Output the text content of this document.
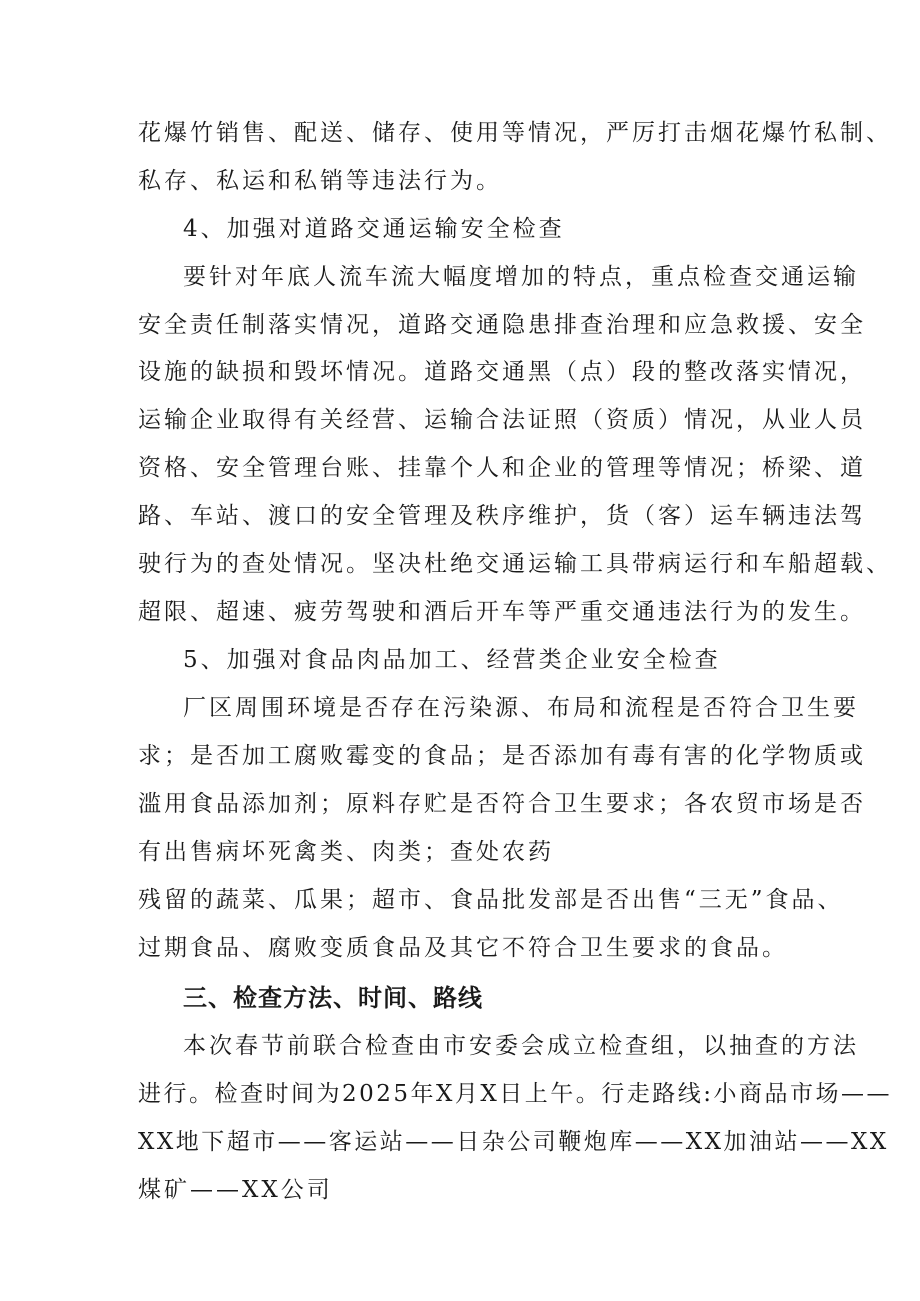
花爆竹销售、配送、储存、使用等情况，严厉打击烟花爆竹私制、
私存、私运和私销等违法行为。
4、加强对道路交通运输安全检查
要针对年底人流车流大幅度增加的特点，重点检查交通运输
安全责任制落实情况，道路交通隐患排查治理和应急救援、安全
设施的缺损和毁坏情况。道路交通黑（点）段的整改落实情况，
运输企业取得有关经营、运输合法证照（资质）情况，从业人员
资格、安全管理台账、挂靠个人和企业的管理等情况；桥梁、道
路、车站、渡口的安全管理及秩序维护，货（客）运车辆违法驾
驶行为的查处情况。坚决杜绝交通运输工具带病运行和车船超载、
超限、超速、疲劳驾驶和酒后开车等严重交通违法行为的发生。
5、加强对食品肉品加工、经营类企业安全检查
厂区周围环境是否存在污染源、布局和流程是否符合卫生要
求；是否加工腐败霉变的食品；是否添加有毒有害的化学物质或
滥用食品添加剂；原料存贮是否符合卫生要求；各农贸市场是否
有出售病坏死禽类、肉类；查处农药
残留的蔬菜、瓜果；超市、食品批发部是否出售“三无”食品、
过期食品、腐败变质食品及其它不符合卫生要求的食品。
三、检查方法、时间、路线
本次春节前联合检查由市安委会成立检查组，以抽查的方法
进行。检查时间为2025年X月X日上午。行走路线:小商品市场——
XX地下超市——客运站——日杂公司鞭炮库——XX加油站——XX
煤矿——XX公司
